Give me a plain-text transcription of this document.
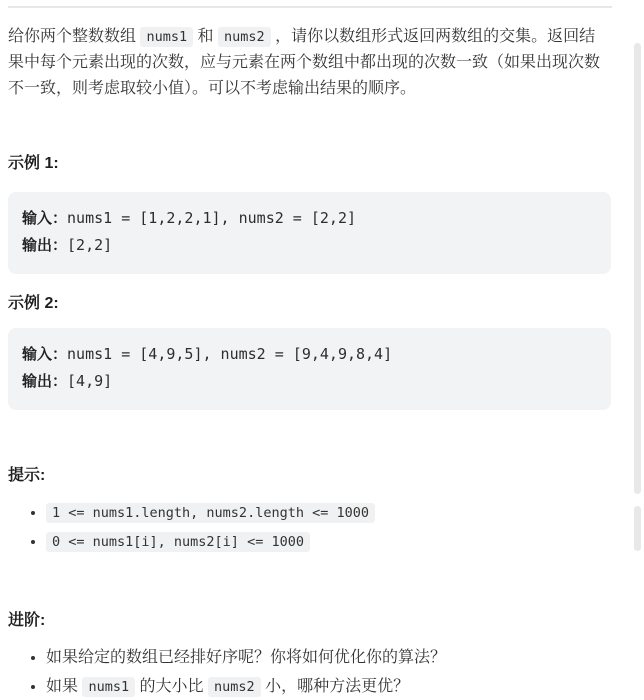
给你两个整数数组 nums1 和 nums2 ，请你以数组形式返回两数组的交集。返回结果中每个元素出现的次数，应与元素在两个数组中都出现的次数一致（如果出现次数不一致，则考虑取较小值）。可以不考虑输出结果的顺序。

示例 1:
输入：nums1 = [1,2,2,1], nums2 = [2,2]
输出：[2,2]
示例 2:
输入：nums1 = [4,9,5], nums2 = [9,4,9,8,4]
输出：[4,9]
提示:
• 1 <= nums1.length, nums2.length <= 1000
• 0 <= nums1[i], nums2[i] <= 1000
进阶:
• 如果给定的数组已经排好序呢？你将如何优化你的算法？
• 如果 nums1 的大小比 nums2 小，哪种方法更优？
